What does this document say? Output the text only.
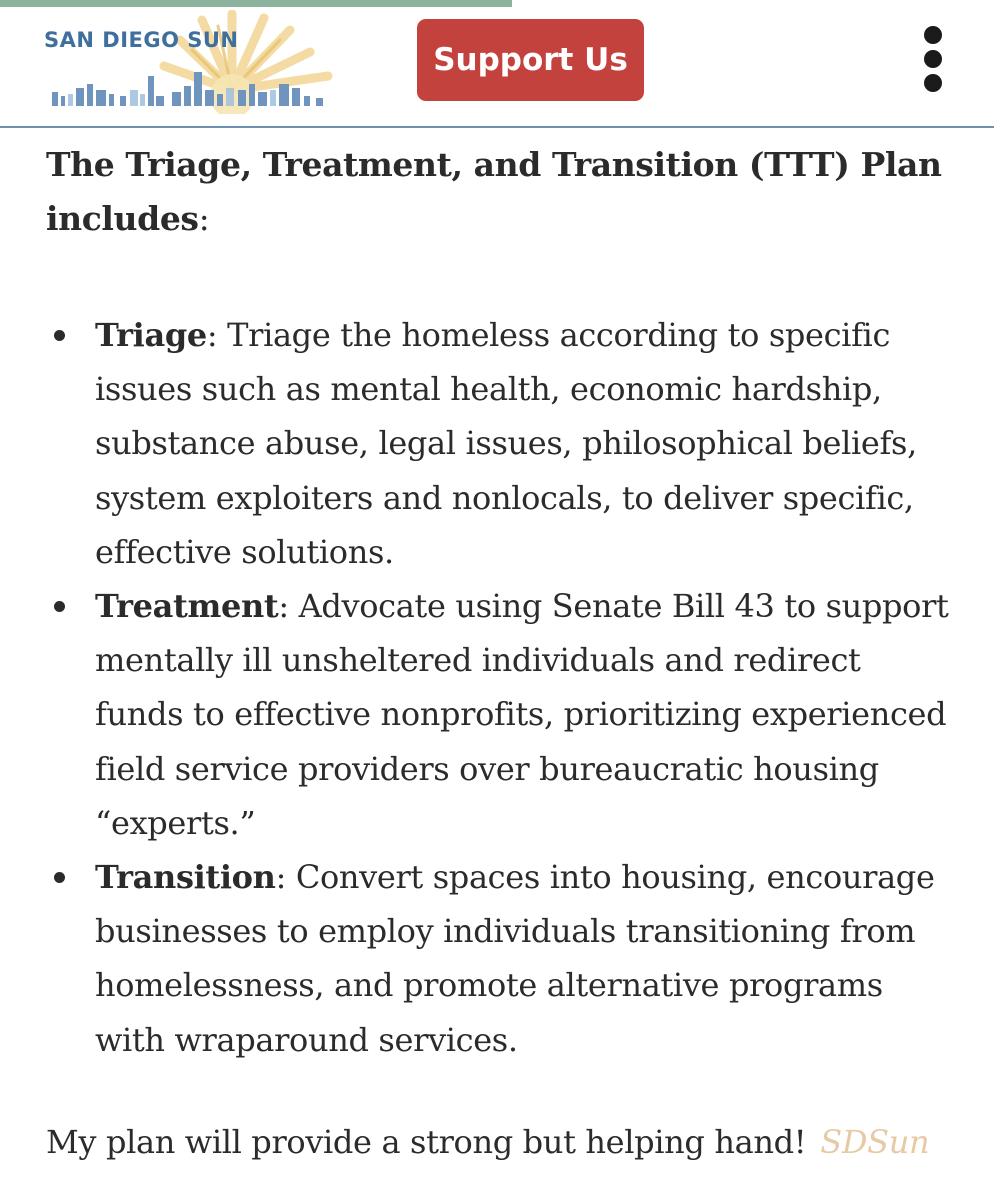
SAN DIEGO SUN
Support Us

The Triage, Treatment, and Transition (TTT) Plan includes:

Triage: Triage the homeless according to specific issues such as mental health, economic hardship, substance abuse, legal issues, philosophical beliefs, system exploiters and nonlocals, to deliver specific, effective solutions.
Treatment: Advocate using Senate Bill 43 to support mentally ill unsheltered individuals and redirect funds to effective nonprofits, prioritizing experienced field service providers over bureaucratic housing “experts.”
Transition: Convert spaces into housing, encourage businesses to employ individuals transitioning from homelessness, and promote alternative programs with wraparound services.
My plan will provide a strong but helping hand! SDSun
